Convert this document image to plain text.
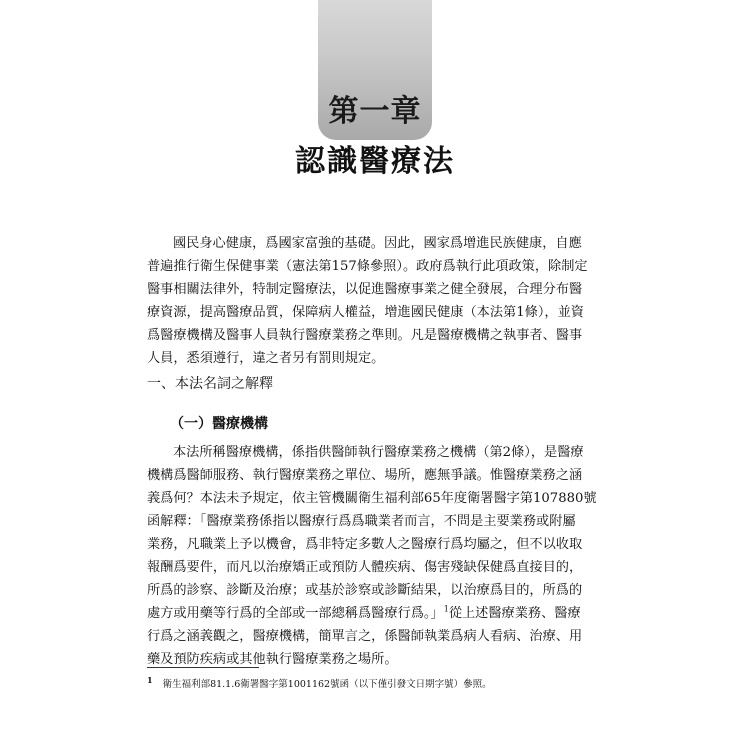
第一章
認識醫療法
國民身心健康，爲國家富強的基礎。因此，國家爲增進民族健康，自應
普遍推行衛生保健事業（憲法第157條參照）。政府爲執行此項政策，除制定
醫事相關法律外，特制定醫療法，以促進醫療事業之健全發展，合理分布醫
療資源，提高醫療品質，保障病人權益，增進國民健康（本法第1條），並資
爲醫療機構及醫事人員執行醫療業務之準則。凡是醫療機構之執事者、醫事
人員，悉須遵行，違之者另有罰則規定。
一、本法名詞之解釋
（一）醫療機構
本法所稱醫療機構，係指供醫師執行醫療業務之機構（第2條），是醫療
機構爲醫師服務、執行醫療業務之單位、場所，應無爭議。惟醫療業務之涵
義爲何？本法未予規定，依主管機關衛生福利部65年度衛署醫字第107880號
函解釋：「醫療業務係指以醫療行爲爲職業者而言，不問是主要業務或附屬
業務，凡職業上予以機會，爲非特定多數人之醫療行爲均屬之，但不以收取
報酬爲要件，而凡以治療矯正或預防人體疾病、傷害殘缺保健爲直接目的，
所爲的診察、診斷及治療；或基於診察或診斷結果，以治療爲目的，所爲的
處方或用藥等行爲的全部或一部總稱爲醫療行爲。」$^1$從上述醫療業務、醫療
行爲之涵義觀之，醫療機構，簡單言之，係醫師執業爲病人看病、治療、用
藥及預防疾病或其他執行醫療業務之場所。
$^1$ 衛生福利部81.1.6衛署醫字第1001162號函（以下僅引發文日期字號）參照。
